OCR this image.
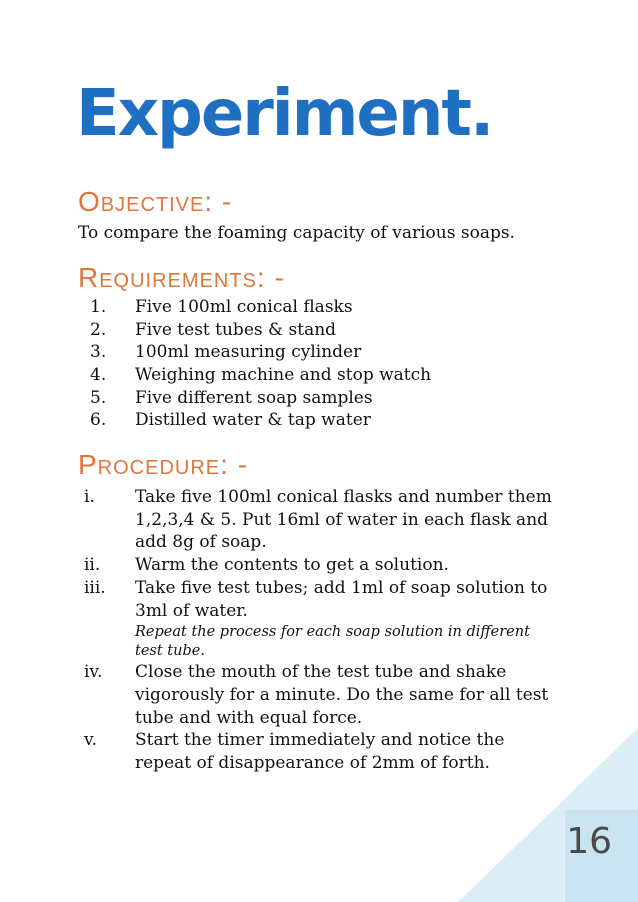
Experiment.
Objective: -

To compare the foaming capacity of various soaps.

Requirements: -
1.	Five 100ml conical flasks
2.	Five test tubes & stand
3.	100ml measuring cylinder
4.	Weighing machine and stop watch
5.	Five different soap samples
6.	Distilled water & tap water
Procedure: -
i.	Take five 100ml conical flasks and number them 1,2,3,4 & 5. Put 16ml of water in each flask and add 8g of soap.
ii.	Warm the contents to get a solution.
iii.	Take five test tubes; add 1ml of soap solution to 3ml of water.
Repeat the process for each soap solution in different test tube.
iv.	Close the mouth of the test tube and shake vigorously for a minute. Do the same for all test tube and with equal force.
v.	Start the timer immediately and notice the repeat of disappearance of 2mm of forth.

16
